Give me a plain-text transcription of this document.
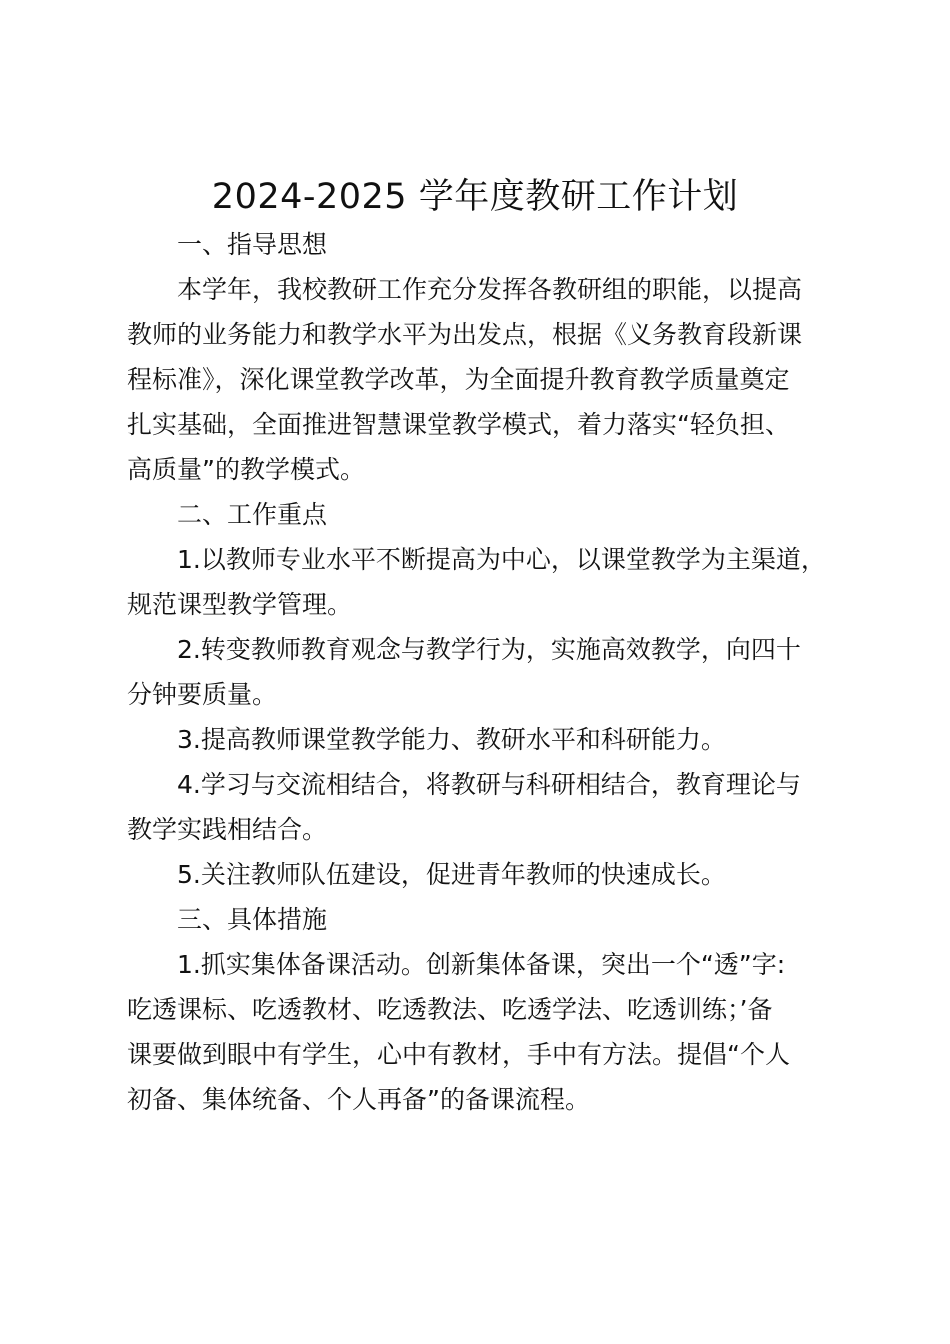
2024-2025 学年度教研工作计划
一、指导思想
本学年，我校教研工作充分发挥各教研组的职能，以提高
教师的业务能力和教学水平为出发点，根据《义务教育段新课
程标准》，深化课堂教学改革，为全面提升教育教学质量奠定
扎实基础，全面推进智慧课堂教学模式，着力落实“轻负担、
高质量”的教学模式。
二、工作重点
1.以教师专业水平不断提高为中心，以课堂教学为主渠道，
规范课型教学管理。
2.转变教师教育观念与教学行为，实施高效教学，向四十
分钟要质量。
3.提高教师课堂教学能力、教研水平和科研能力。
4.学习与交流相结合，将教研与科研相结合，教育理论与
教学实践相结合。
5.关注教师队伍建设，促进青年教师的快速成长。
三、具体措施
1.抓实集体备课活动。创新集体备课，突出一个“透”字:
吃透课标、吃透教材、吃透教法、吃透学法、吃透训练；’备
课要做到眼中有学生，心中有教材，手中有方法。提倡“个人
初备、集体统备、个人再备”的备课流程。
